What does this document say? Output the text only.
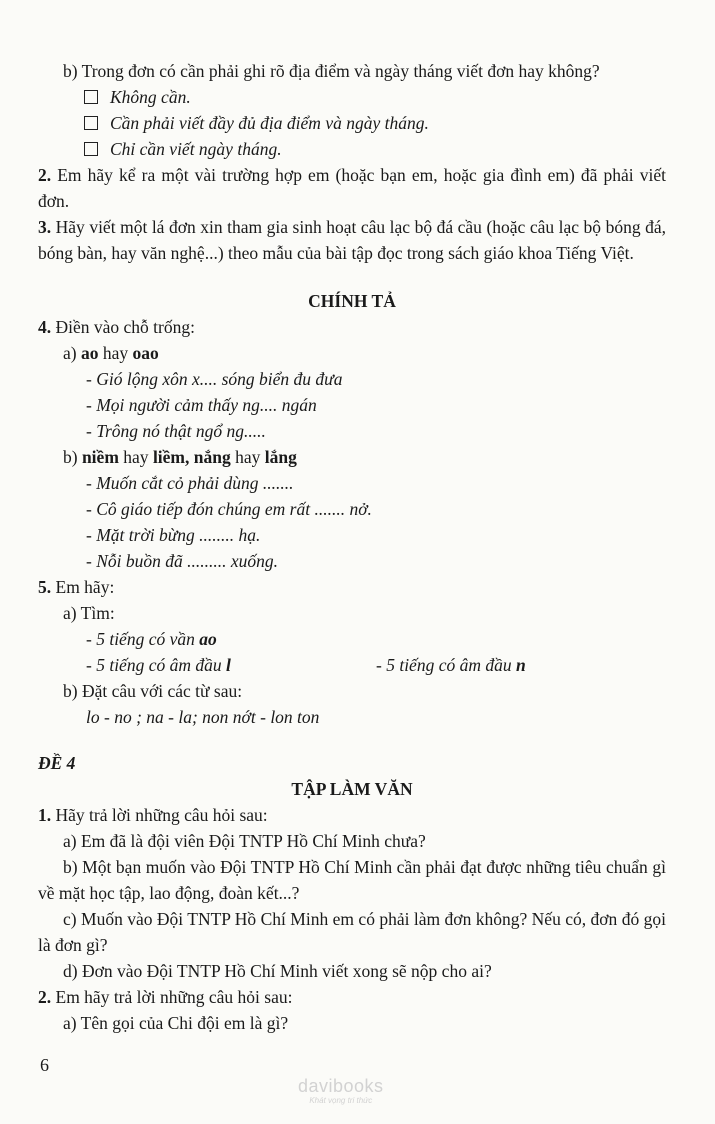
b) Trong đơn có cần phải ghi rõ địa điểm và ngày tháng viết đơn hay không?
Không cần.
Cần phải viết đầy đủ địa điểm và ngày tháng.
Chỉ cần viết ngày tháng.
2. Em hãy kể ra một vài trường hợp em (hoặc bạn em, hoặc gia đình em) đã phải viết đơn.
3. Hãy viết một lá đơn xin tham gia sinh hoạt câu lạc bộ đá cầu (hoặc câu lạc bộ bóng đá, bóng bàn, hay văn nghệ...) theo mẫu của bài tập đọc trong sách giáo khoa Tiếng Việt.
CHÍNH TẢ
4. Điền vào chỗ trống:
a) ao hay oao
- Gió lộng xôn x.... sóng biển đu đưa
- Mọi người cảm thấy ng.... ngán
- Trông nó thật ngổ ng.....
b) niềm hay liềm, nắng hay lắng
- Muốn cắt cỏ phải dùng .......
- Cô giáo tiếp đón chúng em rất ....... nở.
- Mặt trời bừng ........ hạ.
- Nỗi buồn đã ......... xuống.
5. Em hãy:
a) Tìm:
- 5 tiếng có vần ao
- 5 tiếng có âm đầu l	- 5 tiếng có âm đầu n
b) Đặt câu với các từ sau:
lo - no ; na - la; non nớt - lon ton
ĐỀ 4
TẬP LÀM VĂN
1. Hãy trả lời những câu hỏi sau:
a) Em đã là đội viên Đội TNTP Hồ Chí Minh chưa?
b) Một bạn muốn vào Đội TNTP Hồ Chí Minh cần phải đạt được những tiêu chuẩn gì về mặt học tập, lao động, đoàn kết...?
c) Muốn vào Đội TNTP Hồ Chí Minh em có phải làm đơn không? Nếu có, đơn đó gọi là đơn gì?
d) Đơn vào Đội TNTP Hồ Chí Minh viết xong sẽ nộp cho ai?
2. Em hãy trả lời những câu hỏi sau:
a) Tên gọi của Chi đội em là gì?
6
davibooks
Khát vọng tri thức
